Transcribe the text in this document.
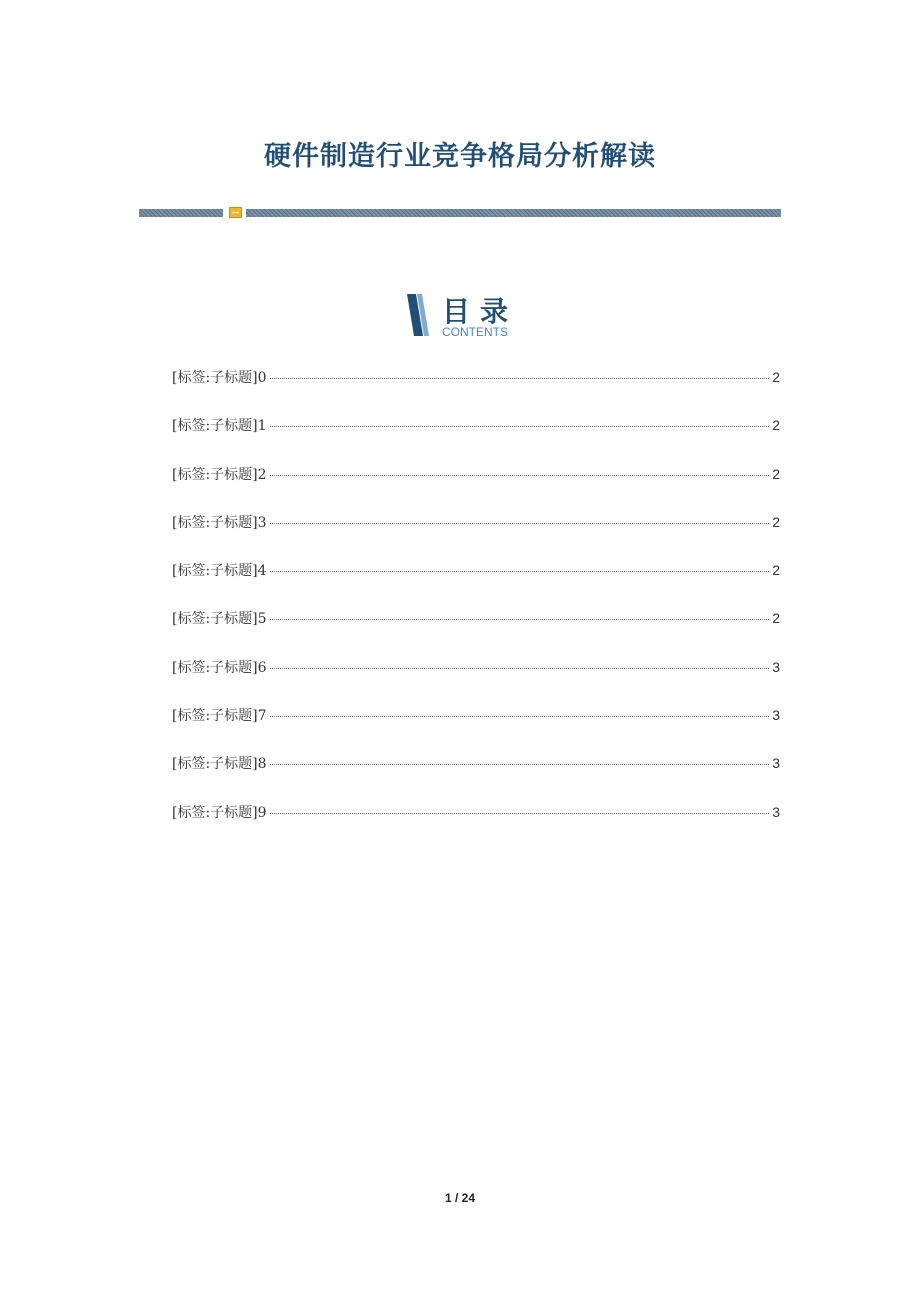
硬件制造行业竞争格局分析解读
目录
CONTENTS
[标签:子标题]0	2
[标签:子标题]1	2
[标签:子标题]2	2
[标签:子标题]3	2
[标签:子标题]4	2
[标签:子标题]5	2
[标签:子标题]6	3
[标签:子标题]7	3
[标签:子标题]8	3
[标签:子标题]9	3
1 / 24
